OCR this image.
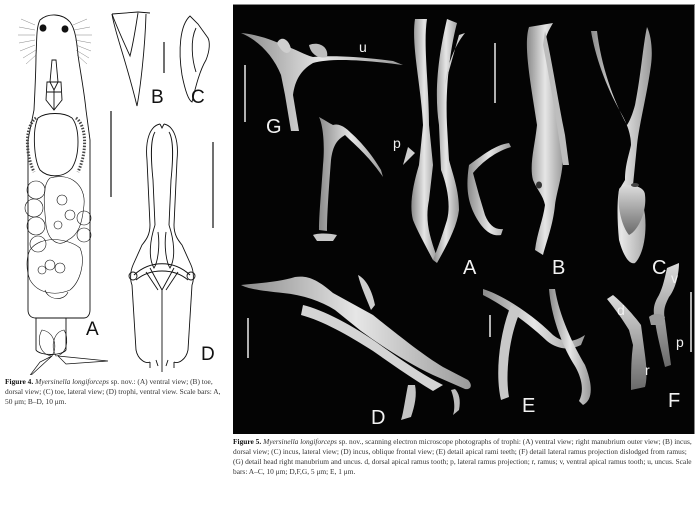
A
B C
D
Figure 4. Myersinella longiforceps sp. nov.: (A) ventral view; (B) toe, dorsal view; (C) toe, lateral view; (D) trophi, ventral view. Scale bars: A, 50 μm; B–D, 10 μm.
G
A	B	C
D
E	F
u
p
d
v
p
r
Figure 5. Myersinella longiforceps sp. nov., scanning electron microscope photographs of trophi: (A) ventral view; right manubrium outer view; (B) incus, dorsal view; (C) incus, lateral view; (D) incus, oblique frontal view; (E) detail apical rami teeth; (F) detail lateral ramus projection dislodged from ramus; (G) detail head right manubrium and uncus. d, dorsal apical ramus tooth; p, lateral ramus projection; r, ramus; v, ventral apical ramus tooth; u, uncus. Scale bars: A–C, 10 μm; D,F,G, 5 μm; E, 1 μm.
